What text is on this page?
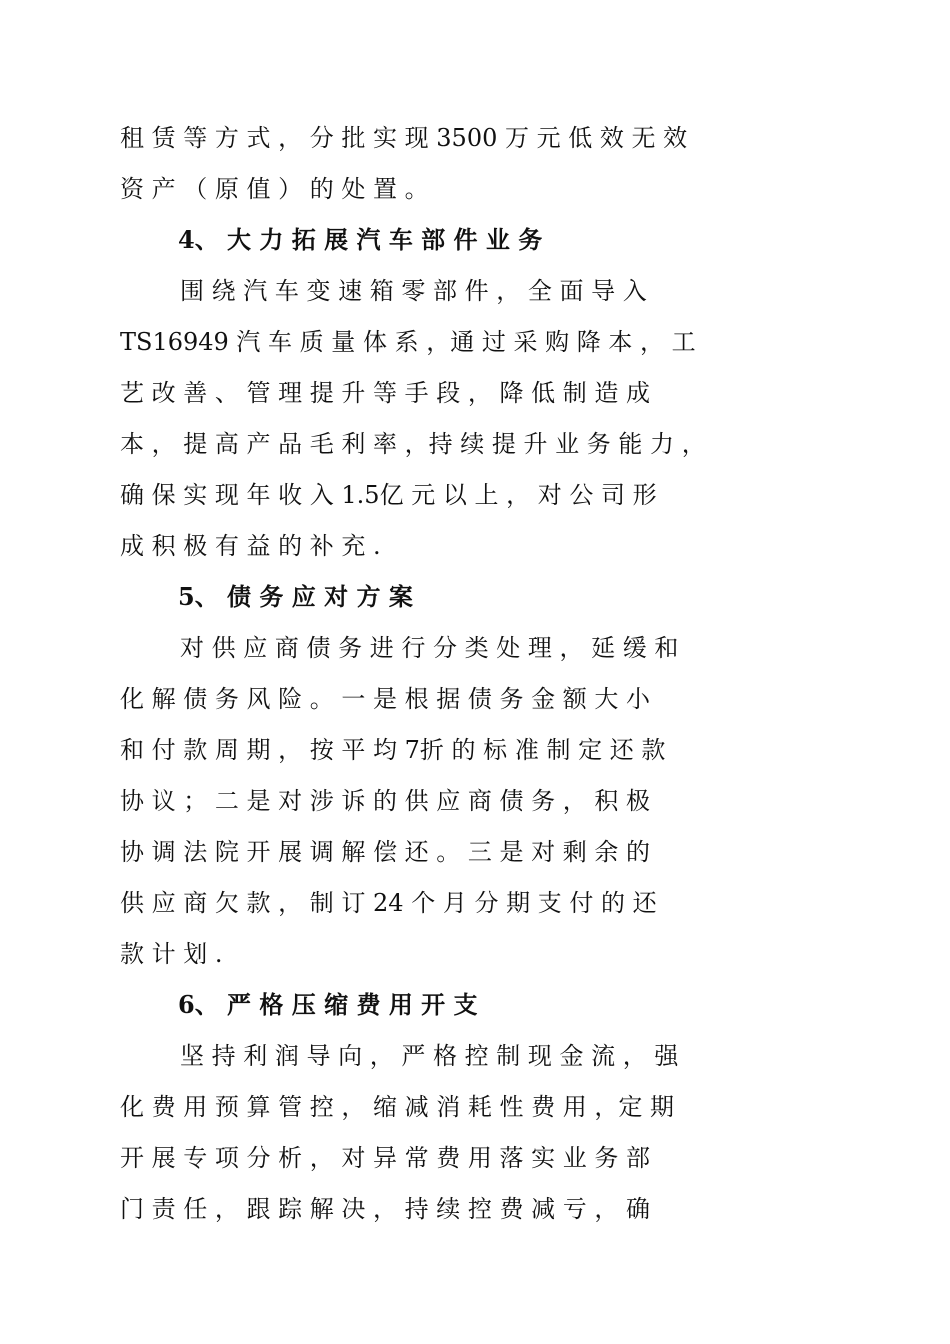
租 赁 等 方 式 ， 分 批 实 现 3500 万 元 低 效 无 效
资 产 （ 原 值 ） 的 处 置 。
4、 大 力 拓 展 汽 车 部 件 业 务
围 绕 汽 车 变 速 箱 零 部 件 ， 全 面 导 入
TS16949 汽 车 质 量 体 系 ，通 过 采 购 降 本 ， 工
艺 改 善 、 管 理 提 升 等 手 段 ， 降 低 制 造 成
本 ， 提 高 产 品 毛 利 率 ，持 续 提 升 业 务 能 力 ，
确 保 实 现 年 收 入 1.5亿 元 以 上 ， 对 公 司 形
成 积 极 有 益 的 补 充 .
5、 债 务 应 对 方 案
对 供 应 商 债 务 进 行 分 类 处 理 ， 延 缓 和
化 解 债 务 风 险 。 一 是 根 据 债 务 金 额 大 小
和 付 款 周 期 ， 按 平 均 7折 的 标 准 制 定 还 款
协 议 ； 二 是 对 涉 诉 的 供 应 商 债 务 ， 积 极
协 调 法 院 开 展 调 解 偿 还 。 三 是 对 剩 余 的
供 应 商 欠 款 ， 制 订 24 个 月 分 期 支 付 的 还
款 计 划 .
6、 严 格 压 缩 费 用 开 支
坚 持 利 润 导 向 ， 严 格 控 制 现 金 流 ， 强
化 费 用 预 算 管 控 ， 缩 减 消 耗 性 费 用 ，定 期
开 展 专 项 分 析 ， 对 异 常 费 用 落 实 业 务 部
门 责 任 ， 跟 踪 解 决 ， 持 续 控 费 减 亏 ， 确
